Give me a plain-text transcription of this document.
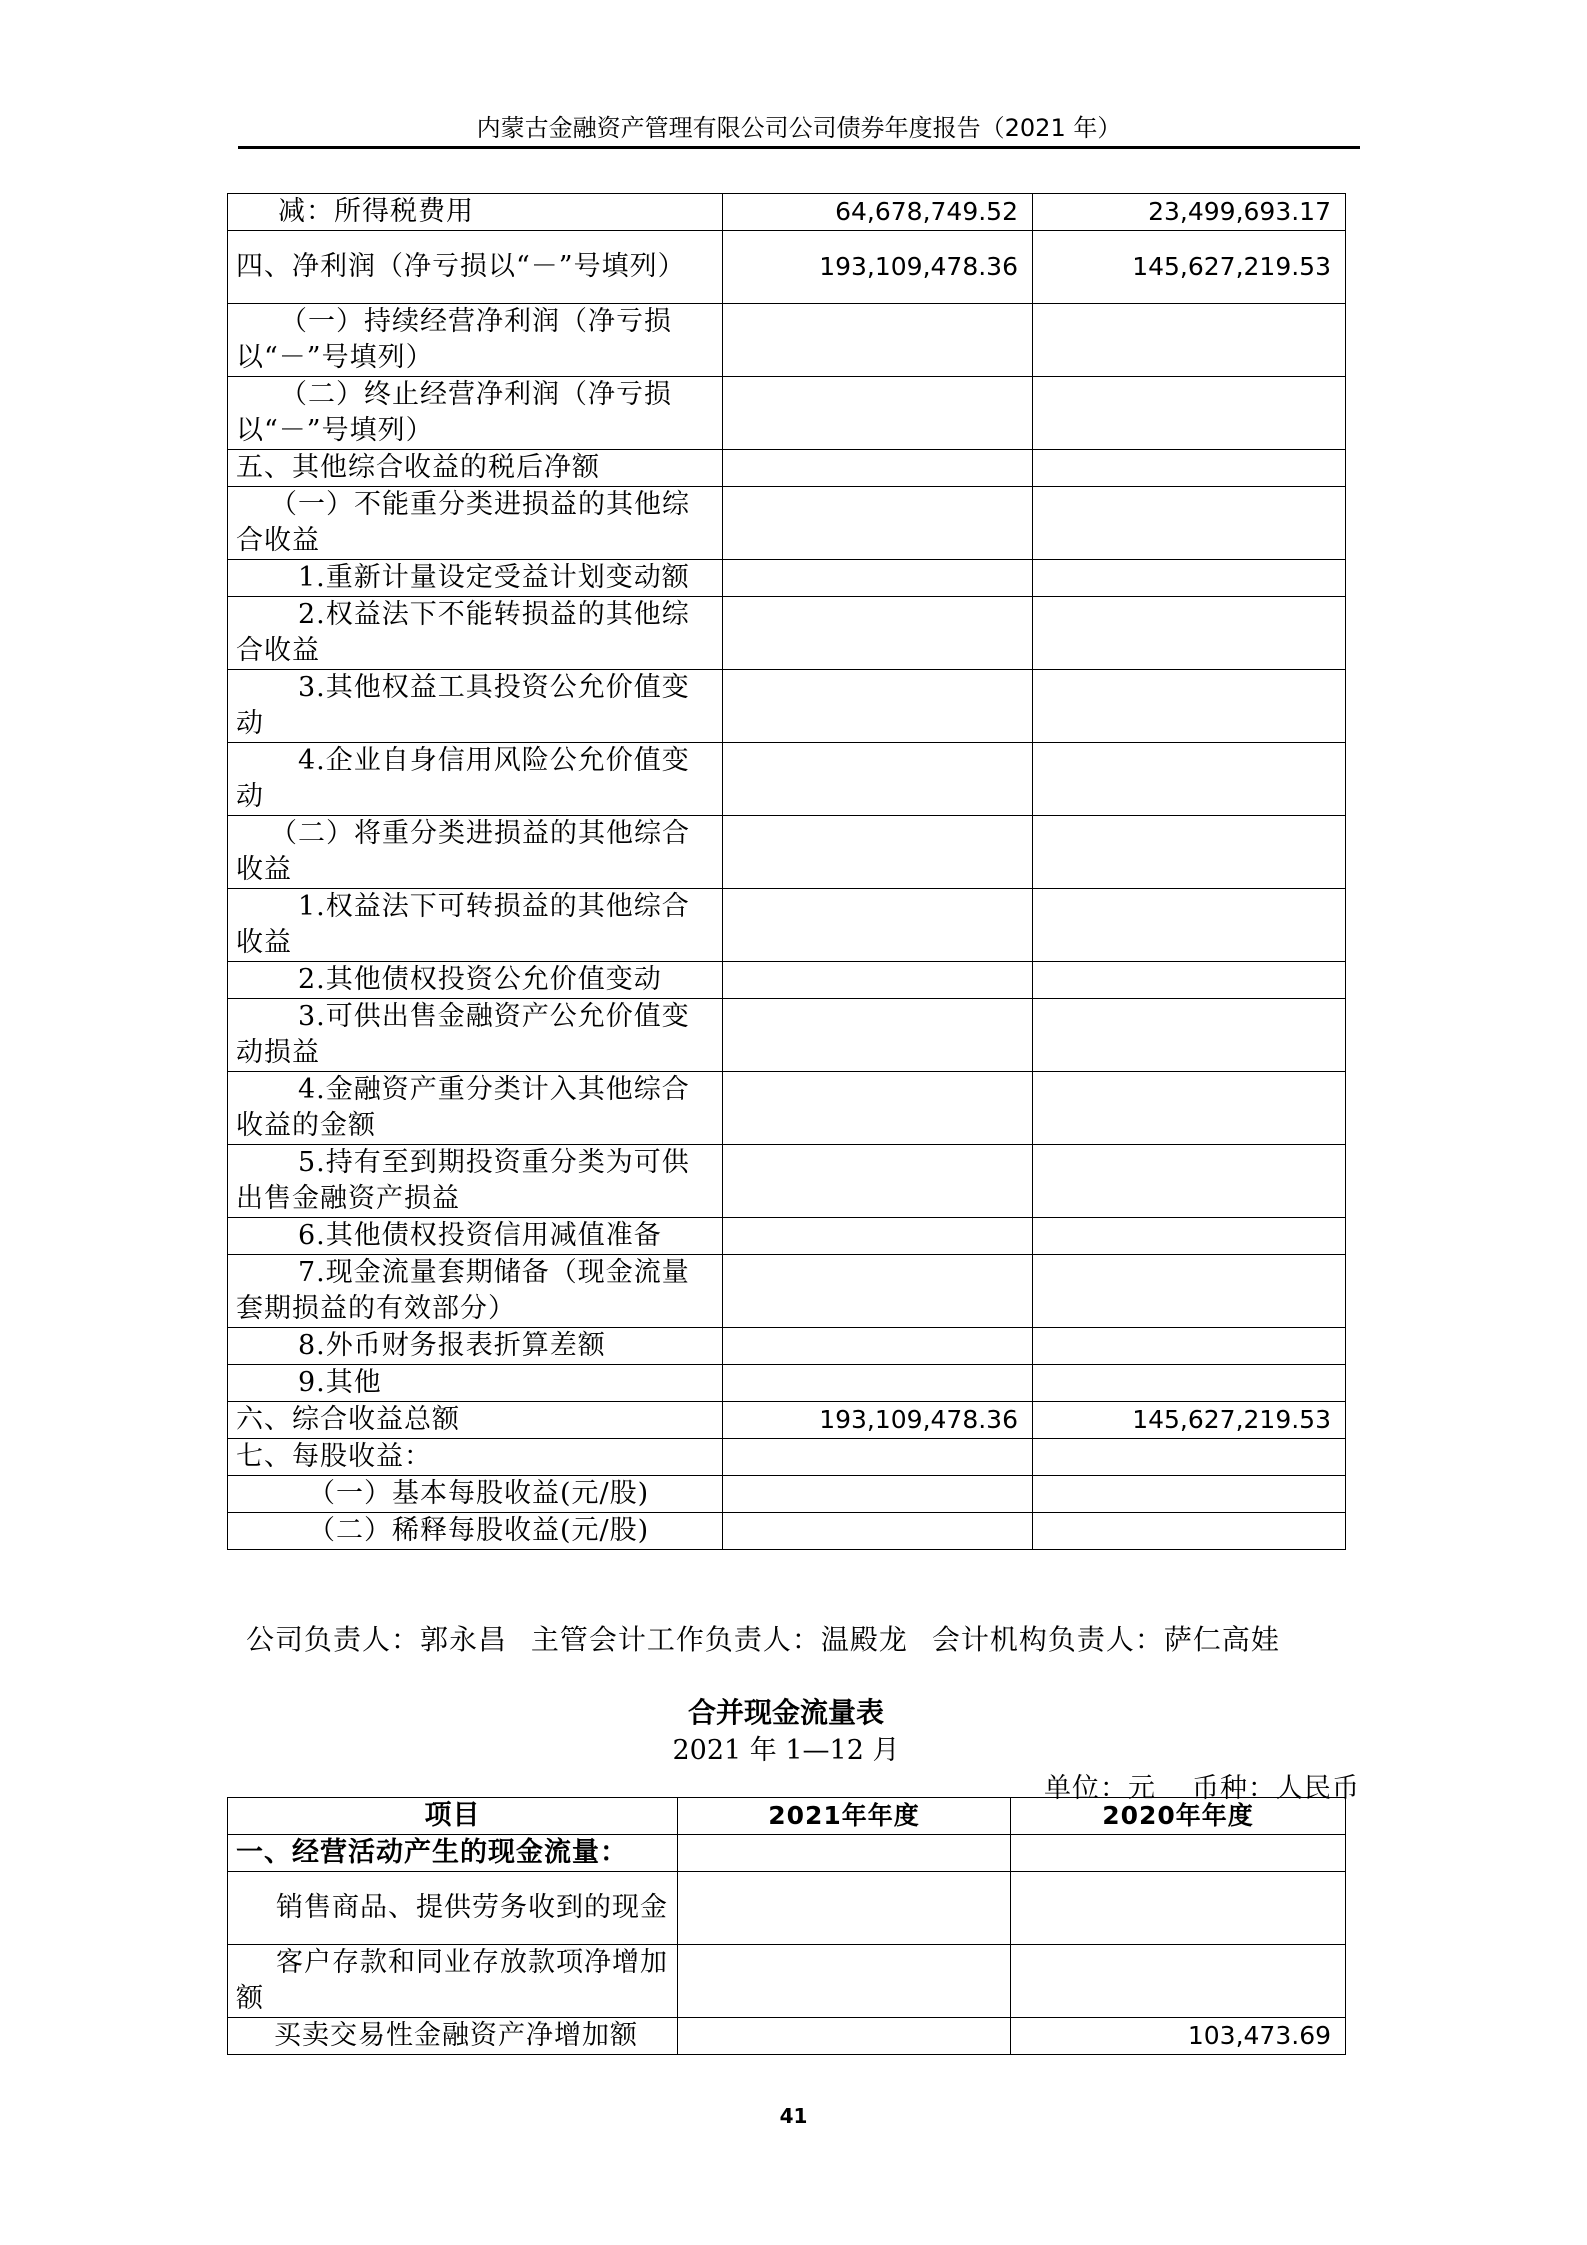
内蒙古金融资产管理有限公司公司债券年度报告（2021 年）
减：所得税费用	64,678,749.52	23,499,693.17
四、净利润（净亏损以“－”号填列）	193,109,478.36	145,627,219.53
（一）持续经营净利润（净亏损以“－”号填列）		
（二）终止经营净利润（净亏损以“－”号填列）		
五、其他综合收益的税后净额		
（一）不能重分类进损益的其他综合收益		
1.重新计量设定受益计划变动额		
2.权益法下不能转损益的其他综合收益		
3.其他权益工具投资公允价值变动		
4.企业自身信用风险公允价值变动		
（二）将重分类进损益的其他综合收益		
1.权益法下可转损益的其他综合收益		
2.其他债权投资公允价值变动		
3.可供出售金融资产公允价值变动损益		
4.金融资产重分类计入其他综合收益的金额		
5.持有至到期投资重分类为可供出售金融资产损益		
6.其他债权投资信用减值准备		
7.现金流量套期储备（现金流量套期损益的有效部分）		
8.外币财务报表折算差额		
9.其他		
六、综合收益总额	193,109,478.36	145,627,219.53
七、每股收益：		
（一）基本每股收益(元/股)		
（二）稀释每股收益(元/股)		
公司负责人：郭永昌 主管会计工作负责人：温殿龙 会计机构负责人：萨仁高娃
合并现金流量表
2021 年 1—12 月
单位：元 币种：人民币
项目	2021年年度	2020年年度
一、经营活动产生的现金流量：		
销售商品、提供劳务收到的现金		
客户存款和同业存放款项净增加额		
买卖交易性金融资产净增加额		103,473.69
41
